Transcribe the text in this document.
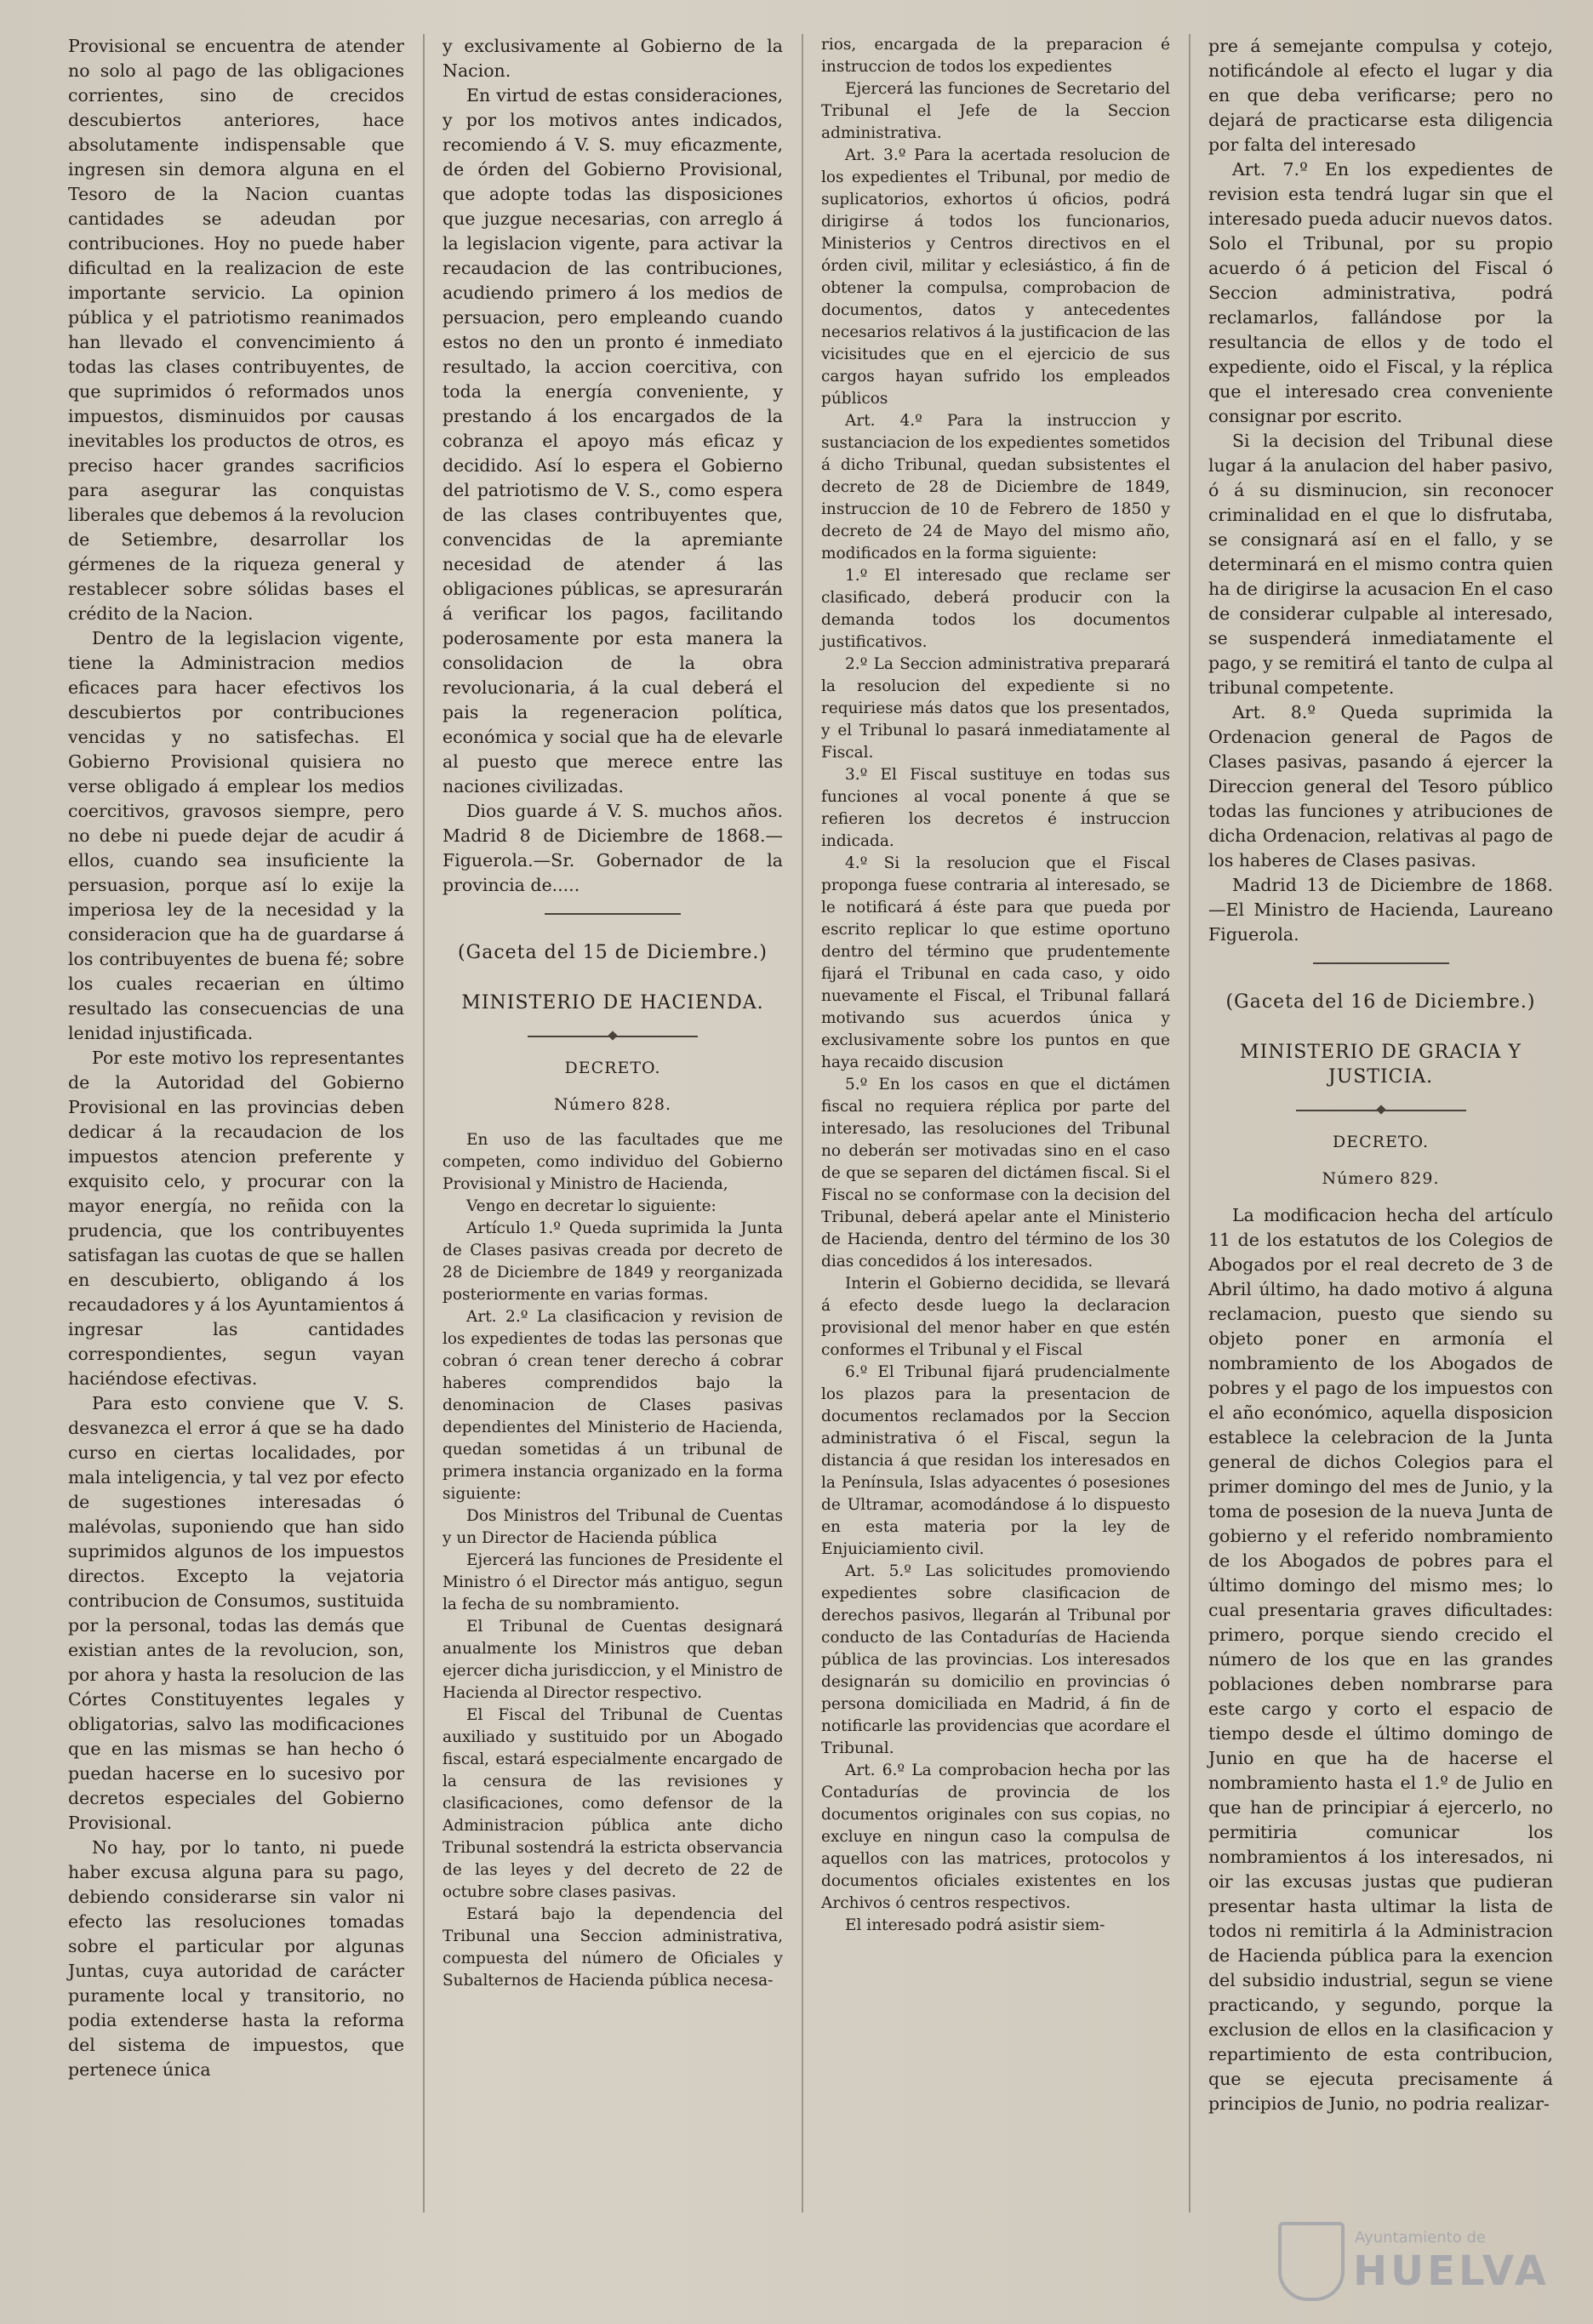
Provisional se encuentra de atender no solo al pago de las obligaciones corrientes, sino de crecidos descubiertos anteriores, hace absolutamente indispensable que ingresen sin demora alguna en el Tesoro de la Nacion cuantas cantidades se adeudan por contribuciones. Hoy no puede haber dificultad en la realizacion de este importante servicio. La opinion pública y el patriotismo reanimados han llevado el convencimiento á todas las clases contribuyentes, de que suprimidos ó reformados unos impuestos, disminuidos por causas inevitables los productos de otros, es preciso hacer grandes sacrificios para asegurar las conquistas liberales que debemos á la revolucion de Setiembre, desarrollar los gérmenes de la riqueza general y restablecer sobre sólidas bases el crédito de la Nacion.

Dentro de la legislacion vigente, tiene la Administracion medios eficaces para hacer efectivos los descubiertos por contribuciones vencidas y no satisfechas. El Gobierno Provisional quisiera no verse obligado á emplear los medios coercitivos, gravosos siempre, pero no debe ni puede dejar de acudir á ellos, cuando sea insuficiente la persuasion, porque así lo exije la imperiosa ley de la necesidad y la consideracion que ha de guardarse á los contribuyentes de buena fé; sobre los cuales recaerian en último resultado las consecuencias de una lenidad injustificada.

Por este motivo los representantes de la Autoridad del Gobierno Provisional en las provincias deben dedicar á la recaudacion de los impuestos atencion preferente y exquisito celo, y procurar con la mayor energía, no reñida con la prudencia, que los contribuyentes satisfagan las cuotas de que se hallen en descubierto, obligando á los recaudadores y á los Ayuntamientos á ingresar las cantidades correspondientes, segun vayan haciéndose efectivas.

Para esto conviene que V. S. desvanezca el error á que se ha dado curso en ciertas localidades, por mala inteligencia, y tal vez por efecto de sugestiones interesadas ó malévolas, suponiendo que han sido suprimidos algunos de los impuestos directos. Excepto la vejatoria contribucion de Consumos, sustituida por la personal, todas las demás que existian antes de la revolucion, son, por ahora y hasta la resolucion de las Córtes Constituyentes legales y obligatorias, salvo las modificaciones que en las mismas se han hecho ó puedan hacerse en lo sucesivo por decretos especiales del Gobierno Provisional.

No hay, por lo tanto, ni puede haber excusa alguna para su pago, debiendo considerarse sin valor ni efecto las resoluciones tomadas sobre el particular por algunas Juntas, cuya autoridad de carácter puramente local y transitorio, no podia extenderse hasta la reforma del sistema de impuestos, que pertenece única

y exclusivamente al Gobierno de la Nacion.

En virtud de estas consideraciones, y por los motivos antes indicados, recomiendo á V. S. muy eficazmente, de órden del Gobierno Provisional, que adopte todas las disposiciones que juzgue necesarias, con arreglo á la legislacion vigente, para activar la recaudacion de las contribuciones, acudiendo primero á los medios de persuacion, pero empleando cuando estos no den un pronto é inmediato resultado, la accion coercitiva, con toda la energía conveniente, y prestando á los encargados de la cobranza el apoyo más eficaz y decidido. Así lo espera el Gobierno del patriotismo de V. S., como espera de las clases contribuyentes que, convencidas de la apremiante necesidad de atender á las obligaciones públicas, se apresurarán á verificar los pagos, facilitando poderosamente por esta manera la consolidacion de la obra revolucionaria, á la cual deberá el pais la regeneracion política, económica y social que ha de elevarle al puesto que merece entre las naciones civilizadas.

Dios guarde á V. S. muchos años. Madrid 8 de Diciembre de 1868.—Figuerola.—Sr. Gobernador de la provincia de.....

(Gaceta del 15 de Diciembre.)

MINISTERIO DE HACIENDA.

DECRETO.

Número 828.

En uso de las facultades que me competen, como individuo del Gobierno Provisional y Ministro de Hacienda,

Vengo en decretar lo siguiente:

Artículo 1.º Queda suprimida la Junta de Clases pasivas creada por decreto de 28 de Diciembre de 1849 y reorganizada posteriormente en varias formas.

Art. 2.º La clasificacion y revision de los expedientes de todas las personas que cobran ó crean tener derecho á cobrar haberes comprendidos bajo la denominacion de Clases pasivas dependientes del Ministerio de Hacienda, quedan sometidas á un tribunal de primera instancia organizado en la forma siguiente:

Dos Ministros del Tribunal de Cuentas y un Director de Hacienda pública

Ejercerá las funciones de Presidente el Ministro ó el Director más antiguo, segun la fecha de su nombramiento.

El Tribunal de Cuentas designará anualmente los Ministros que deban ejercer dicha jurisdiccion, y el Ministro de Hacienda al Director respectivo.

El Fiscal del Tribunal de Cuentas auxiliado y sustituido por un Abogado fiscal, estará especialmente encargado de la censura de las revisiones y clasificaciones, como defensor de la Administracion pública ante dicho Tribunal sostendrá la estricta observancia de las leyes y del decreto de 22 de octubre sobre clases pasivas.

Estará bajo la dependencia del Tribunal una Seccion administrativa, compuesta del número de Oficiales y Subalternos de Hacienda pública necesa-

rios, encargada de la preparacion é instruccion de todos los expedientes

Ejercerá las funciones de Secretario del Tribunal el Jefe de la Seccion administrativa.

Art. 3.º Para la acertada resolucion de los expedientes el Tribunal, por medio de suplicatorios, exhortos ú oficios, podrá dirigirse á todos los funcionarios, Ministerios y Centros directivos en el órden civil, militar y eclesiástico, á fin de obtener la compulsa, comprobacion de documentos, datos y antecedentes necesarios relativos á la justificacion de las vicisitudes que en el ejercicio de sus cargos hayan sufrido los empleados públicos

Art. 4.º Para la instruccion y sustanciacion de los expedientes sometidos á dicho Tribunal, quedan subsistentes el decreto de 28 de Diciembre de 1849, instruccion de 10 de Febrero de 1850 y decreto de 24 de Mayo del mismo año, modificados en la forma siguiente:

1.º El interesado que reclame ser clasificado, deberá producir con la demanda todos los documentos justificativos.

2.º La Seccion administrativa preparará la resolucion del expediente si no requiriese más datos que los presentados, y el Tribunal lo pasará inmediatamente al Fiscal.

3.º El Fiscal sustituye en todas sus funciones al vocal ponente á que se refieren los decretos é instruccion indicada.

4.º Si la resolucion que el Fiscal proponga fuese contraria al interesado, se le notificará á éste para que pueda por escrito replicar lo que estime oportuno dentro del término que prudentemente fijará el Tribunal en cada caso, y oido nuevamente el Fiscal, el Tribunal fallará motivando sus acuerdos única y exclusivamente sobre los puntos en que haya recaido discusion

5.º En los casos en que el dictámen fiscal no requiera réplica por parte del interesado, las resoluciones del Tribunal no deberán ser motivadas sino en el caso de que se separen del dictámen fiscal. Si el Fiscal no se conformase con la decision del Tribunal, deberá apelar ante el Ministerio de Hacienda, dentro del término de los 30 dias concedidos á los interesados.

Interin el Gobierno decidida, se llevará á efecto desde luego la declaracion provisional del menor haber en que estén conformes el Tribunal y el Fiscal

6.º El Tribunal fijará prudencialmente los plazos para la presentacion de documentos reclamados por la Seccion administrativa ó el Fiscal, segun la distancia á que residan los interesados en la Península, Islas adyacentes ó posesiones de Ultramar, acomodándose á lo dispuesto en esta materia por la ley de Enjuiciamiento civil.

Art. 5.º Las solicitudes promoviendo expedientes sobre clasificacion de derechos pasivos, llegarán al Tribunal por conducto de las Contadurías de Hacienda pública de las provincias. Los interesados designarán su domicilio en provincias ó persona domiciliada en Madrid, á fin de notificarle las providencias que acordare el Tribunal.

Art. 6.º La comprobacion hecha por las Contadurías de provincia de los documentos originales con sus copias, no excluye en ningun caso la compulsa de aquellos con las matrices, protocolos y documentos oficiales existentes en los Archivos ó centros respectivos.

El interesado podrá asistir siem-

pre á semejante compulsa y cotejo, notificándole al efecto el lugar y dia en que deba verificarse; pero no dejará de practicarse esta diligencia por falta del interesado

Art. 7.º En los expedientes de revision esta tendrá lugar sin que el interesado pueda aducir nuevos datos. Solo el Tribunal, por su propio acuerdo ó á peticion del Fiscal ó Seccion administrativa, podrá reclamarlos, fallándose por la resultancia de ellos y de todo el expediente, oido el Fiscal, y la réplica que el interesado crea conveniente consignar por escrito.

Si la decision del Tribunal diese lugar á la anulacion del haber pasivo, ó á su disminucion, sin reconocer criminalidad en el que lo disfrutaba, se consignará así en el fallo, y se determinará en el mismo contra quien ha de dirigirse la acusacion En el caso de considerar culpable al interesado, se suspenderá inmediatamente el pago, y se remitirá el tanto de culpa al tribunal competente.

Art. 8.º Queda suprimida la Ordenacion general de Pagos de Clases pasivas, pasando á ejercer la Direccion general del Tesoro público todas las funciones y atribuciones de dicha Ordenacion, relativas al pago de los haberes de Clases pasivas.

Madrid 13 de Diciembre de 1868. —El Ministro de Hacienda, Laureano Figuerola.

(Gaceta del 16 de Diciembre.)

MINISTERIO DE GRACIA Y JUSTICIA.

DECRETO.

Número 829.

La modificacion hecha del artículo 11 de los estatutos de los Colegios de Abogados por el real decreto de 3 de Abril último, ha dado motivo á alguna reclamacion, puesto que siendo su objeto poner en armonía el nombramiento de los Abogados de pobres y el pago de los impuestos con el año económico, aquella disposicion establece la celebracion de la Junta general de dichos Colegios para el primer domingo del mes de Junio, y la toma de posesion de la nueva Junta de gobierno y el referido nombramiento de los Abogados de pobres para el último domingo del mismo mes; lo cual presentaria graves dificultades: primero, porque siendo crecido el número de los que en las grandes poblaciones deben nombrarse para este cargo y corto el espacio de tiempo desde el último domingo de Junio en que ha de hacerse el nombramiento hasta el 1.º de Julio en que han de principiar á ejercerlo, no permitiria comunicar los nombramientos á los interesados, ni oir las excusas justas que pudieran presentar hasta ultimar la lista de todos ni remitirla á la Administracion de Hacienda pública para la exencion del subsidio industrial, segun se viene practicando, y segundo, porque la exclusion de ellos en la clasificacion y repartimiento de esta contribucion, que se ejecuta precisamente á principios de Junio, no podria realizar-

Ayuntamiento de
HUELVA
